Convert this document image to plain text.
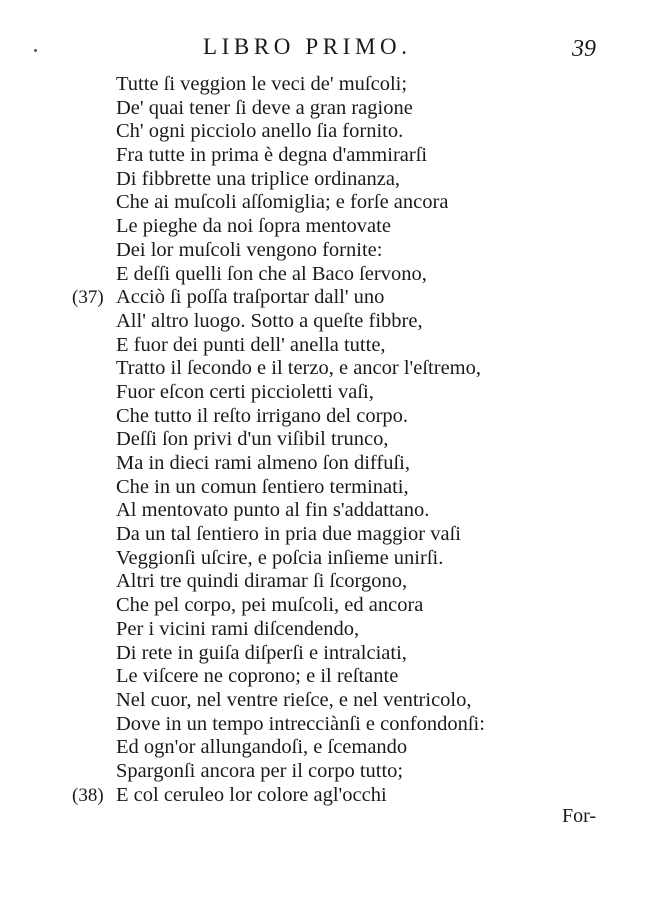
LIBRO PRIMO.	39
Tutte ſi veggion le veci de' muſcoli;
De' quai tener ſi deve a gran ragione
Ch' ogni picciolo anello ſia fornito.
Fra tutte in prima è degna d'ammirarſi
Di fibbrette una triplice ordinanza,
Che ai muſcoli aſſomiglia; e forſe ancora
Le pieghe da noi ſopra mentovate
Dei lor muſcoli vengono fornite:
E deſſi quelli ſon che al Baco ſervono,
(37) Acciò ſi poſſa traſportar dall' uno
All' altro luogo. Sotto a queſte fibbre,
E fuor dei punti dell' anella tutte,
Tratto il ſecondo e il terzo, e ancor l'eſtremo,
Fuor eſcon certi piccioletti vaſi,
Che tutto il reſto irrigano del corpo.
Deſſi ſon privi d'un viſibil trunco,
Ma in dieci rami almeno ſon diffuſi,
Che in un comun ſentiero terminati,
Al mentovato punto al fin s'addattano.
Da un tal ſentiero in pria due maggior vaſi
Veggionſi uſcire, e poſcia inſieme unirſi.
Altri tre quindi diramar ſi ſcorgono,
Che pel corpo, pei muſcoli, ed ancora
Per i vicini rami diſcendendo,
Di rete in guiſa diſperſi e intralciati,
Le viſcere ne coprono; e il reſtante
Nel cuor, nel ventre rieſce, e nel ventricolo,
Dove in un tempo intrecciànſi e confondonſi:
Ed ogn'or allungandoſi, e ſcemando
Spargonſi ancora per il corpo tutto;
(38) E col ceruleo lor colore agl'occhi
For-
